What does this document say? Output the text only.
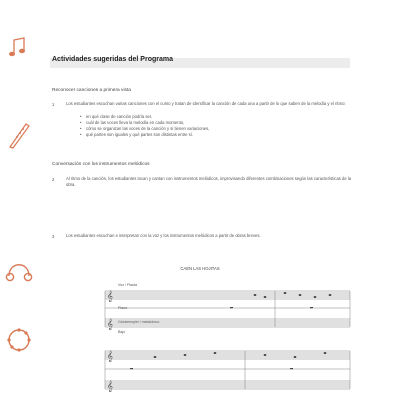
Actividades sugeridas del Programa
Reconocer canciones a primera vista
1	Los estudiantes escuchan varias canciones con el curso y tratan de identificar la canción de cada una a partir de lo que saben de la melodía y el ritmo:
• en qué clase de canción podría ser,
• cuál de las voces lleva la melodía en cada momento,
• cómo se organizan las voces de la canción y si tienen variaciones,
• qué partes son iguales y qué partes son distintas entre sí.
Conversación con los instrumentos melódicos
2	Al ritmo de la canción, los estudiantes tocan y cantan con instrumentos melódicos, improvisando diferentes combinaciones según las características de la obra.
3	Los estudiantes escuchan e interpretan con la voz y los instrumentos melódicos a partir de obras breves.
CAEN LAS HOJITAS
Voz / Flauta
Piano
Glockenspiel / metalófono
Bajo
𝄞
𝄞
𝄞
𝄞
